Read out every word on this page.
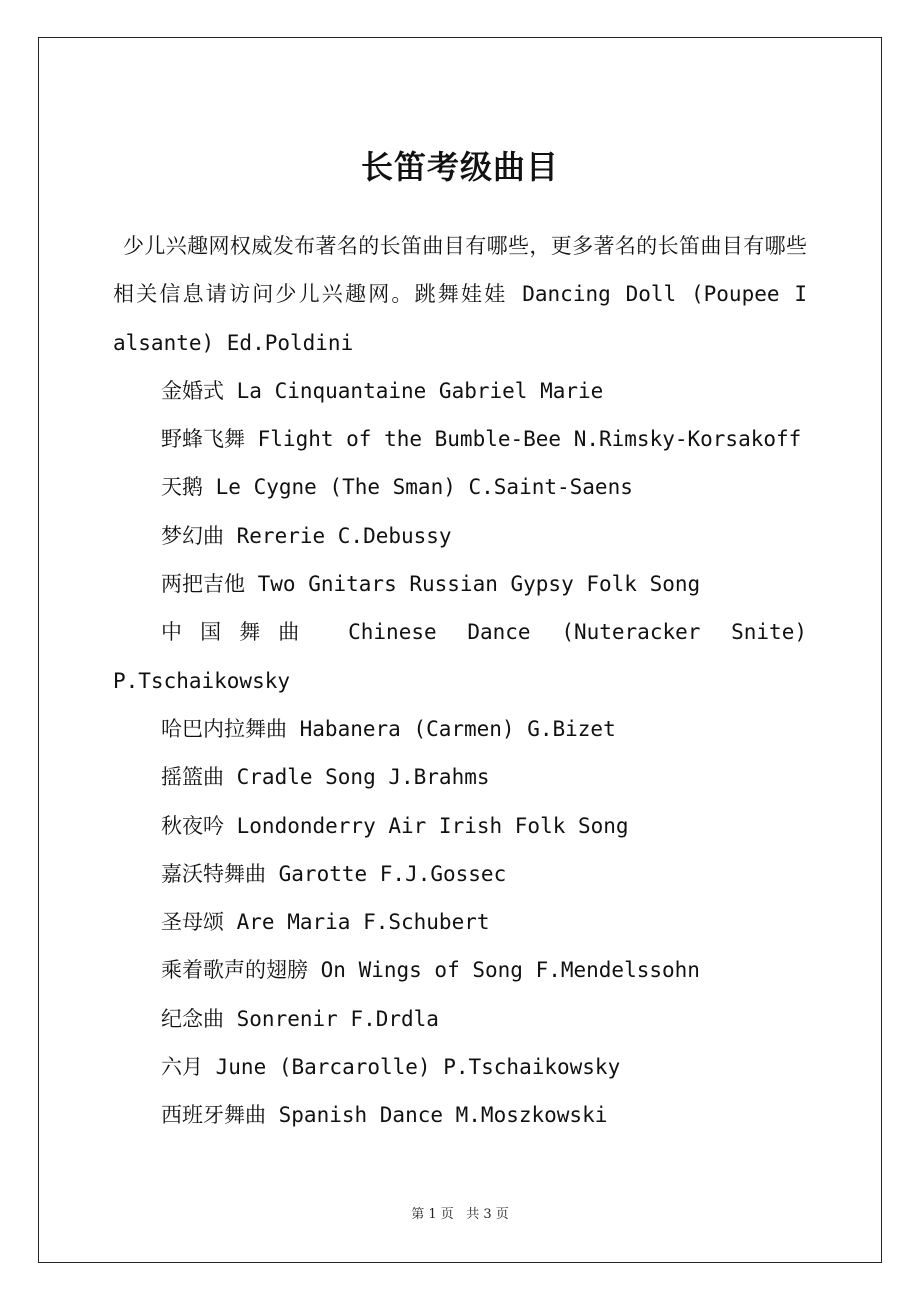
长笛考级曲目

少儿兴趣网权威发布著名的长笛曲目有哪些，更多著名的长笛曲目有哪些相关信息请访问少儿兴趣网。跳舞娃娃 Dancing Doll (Poupee I alsante) Ed.Poldini

金婚式 La Cinquantaine Gabriel Marie

野蜂飞舞 Flight of the Bumble-Bee N.Rimsky-Korsakoff

天鹅 Le Cygne (The Sman) C.Saint-Saens

梦幻曲 Rererie C.Debussy

两把吉他 Two Gnitars Russian Gypsy Folk Song

中国舞曲 Chinese Dance (Nuteracker Snite) P.Tschaikowsky

哈巴内拉舞曲 Habanera (Carmen) G.Bizet

摇篮曲 Cradle Song J.Brahms

秋夜吟 Londonderry Air Irish Folk Song

嘉沃特舞曲 Garotte F.J.Gossec

圣母颂 Are Maria F.Schubert

乘着歌声的翅膀 On Wings of Song F.Mendelssohn

纪念曲 Sonrenir F.Drdla

六月 June (Barcarolle) P.Tschaikowsky

西班牙舞曲 Spanish Dance M.Moszkowski

第 1 页   共 3 页
